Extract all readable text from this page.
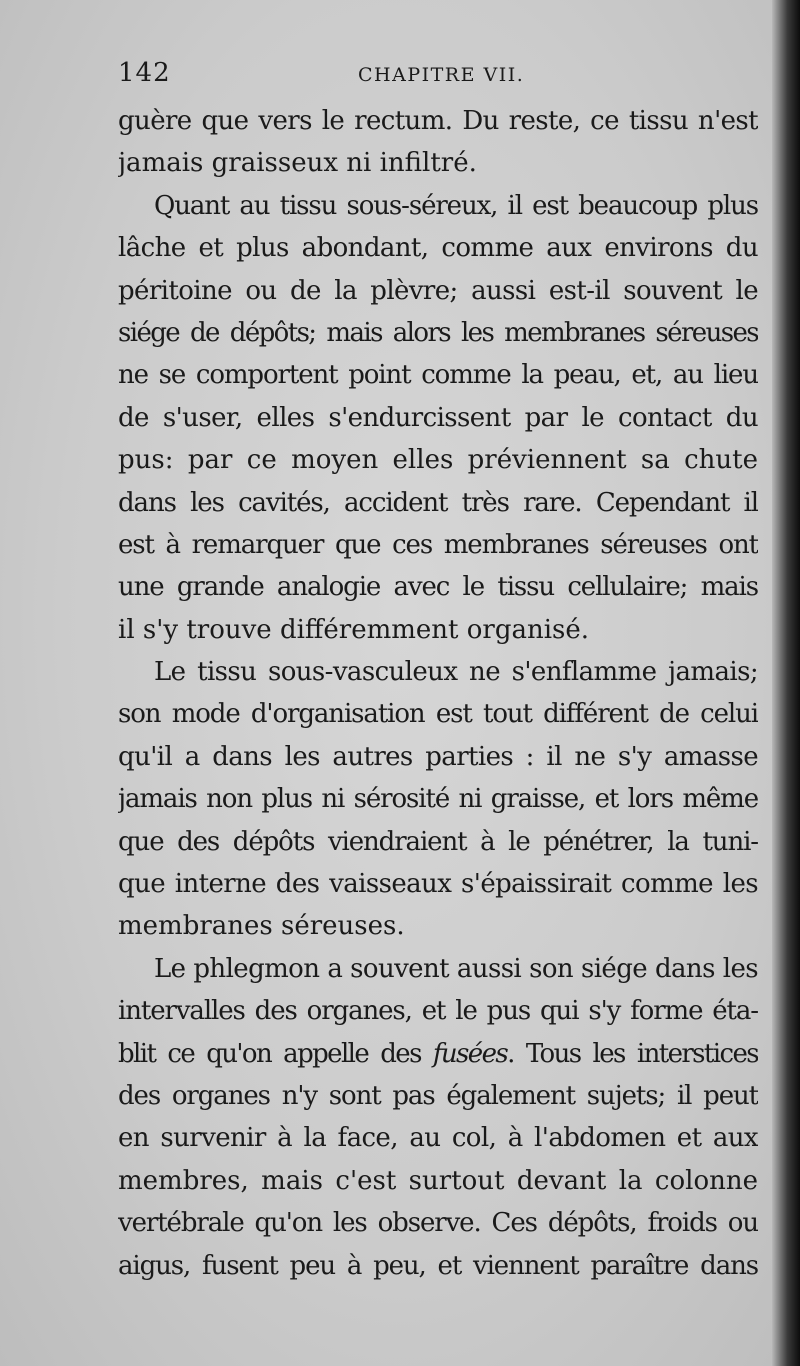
142	CHAPITRE VII.
guère que vers le rectum. Du reste, ce tissu n'est
jamais graisseux ni infiltré.
Quant au tissu sous-séreux, il est beaucoup plus
lâche et plus abondant, comme aux environs du
péritoine ou de la plèvre; aussi est-il souvent le
siége de dépôts; mais alors les membranes séreuses
ne se comportent point comme la peau, et, au lieu
de s'user, elles s'endurcissent par le contact du
pus: par ce moyen elles préviennent sa chute
dans les cavités, accident très rare. Cependant il
est à remarquer que ces membranes séreuses ont
une grande analogie avec le tissu cellulaire; mais
il s'y trouve différemment organisé.
Le tissu sous-vasculeux ne s'enflamme jamais;
son mode d'organisation est tout différent de celui
qu'il a dans les autres parties : il ne s'y amasse
jamais non plus ni sérosité ni graisse, et lors même
que des dépôts viendraient à le pénétrer, la tuni-
que interne des vaisseaux s'épaissirait comme les
membranes séreuses.
Le phlegmon a souvent aussi son siége dans les
intervalles des organes, et le pus qui s'y forme éta-
blit ce qu'on appelle des fusées. Tous les interstices
des organes n'y sont pas également sujets; il peut
en survenir à la face, au col, à l'abdomen et aux
membres, mais c'est surtout devant la colonne
vertébrale qu'on les observe. Ces dépôts, froids ou
aigus, fusent peu à peu, et viennent paraître dans
